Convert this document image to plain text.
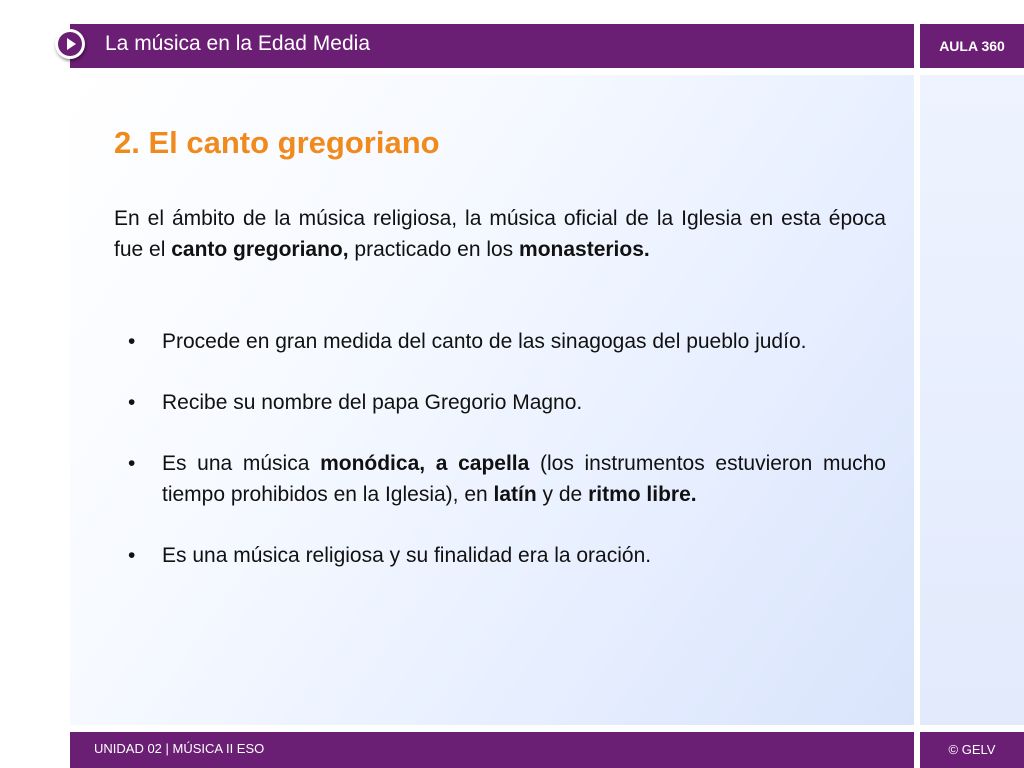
La música en la Edad Media	AULA 360
2. El canto gregoriano

En el ámbito de la música religiosa, la música oficial de la Iglesia en esta época fue el canto gregoriano, practicado en los monasterios.

• Procede en gran medida del canto de las sinagogas del pueblo judío.
• Recibe su nombre del papa Gregorio Magno.
• Es una música monódica, a capella (los instrumentos estuvieron mucho tiempo prohibidos en la Iglesia), en latín y de ritmo libre.
• Es una música religiosa y su finalidad era la oración.
UNIDAD 02 | MÚSICA II ESO	© GELV
